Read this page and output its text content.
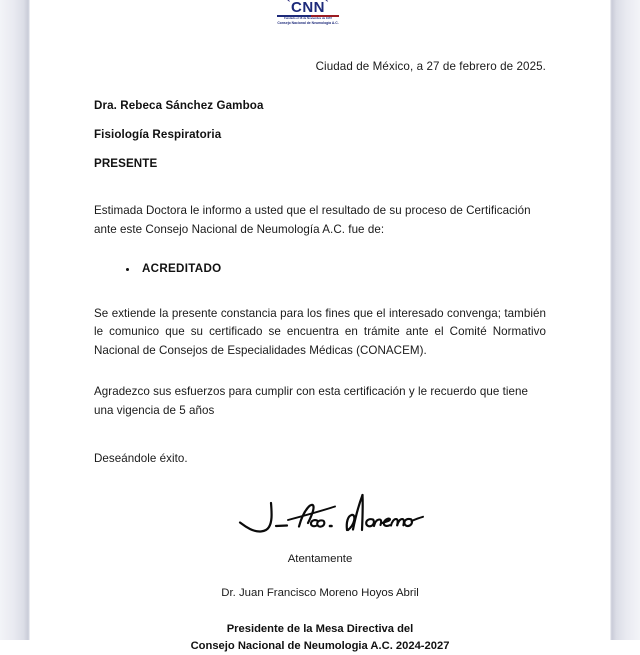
`CNN`
Fundado el 16 de Noviembre de 1972
Consejo Nacional de Neumología A.C.
Ciudad de México, a 27 de febrero de 2025.
Dra. Rebeca Sánchez Gamboa
Fisiología Respiratoria
PRESENTE

Estimada Doctora le informo a usted que el resultado de su proceso de Certificación ante este Consejo Nacional de Neumología A.C. fue de:

ACREDITADO

Se extiende la presente constancia para los fines que el interesado convenga; también le comunico que su certificado se encuentra en trámite ante el Comité Normativo Nacional de Consejos de Especialidades Médicas (CONACEM).

Agradezco sus esfuerzos para cumplir con esta certificación y le recuerdo que tiene una vigencia de 5 años

Deseándole éxito.

Atentamente
Dr. Juan Francisco Moreno Hoyos Abril
Presidente de la Mesa Directiva del
Consejo Nacional de Neumologia A.C. 2024-2027
